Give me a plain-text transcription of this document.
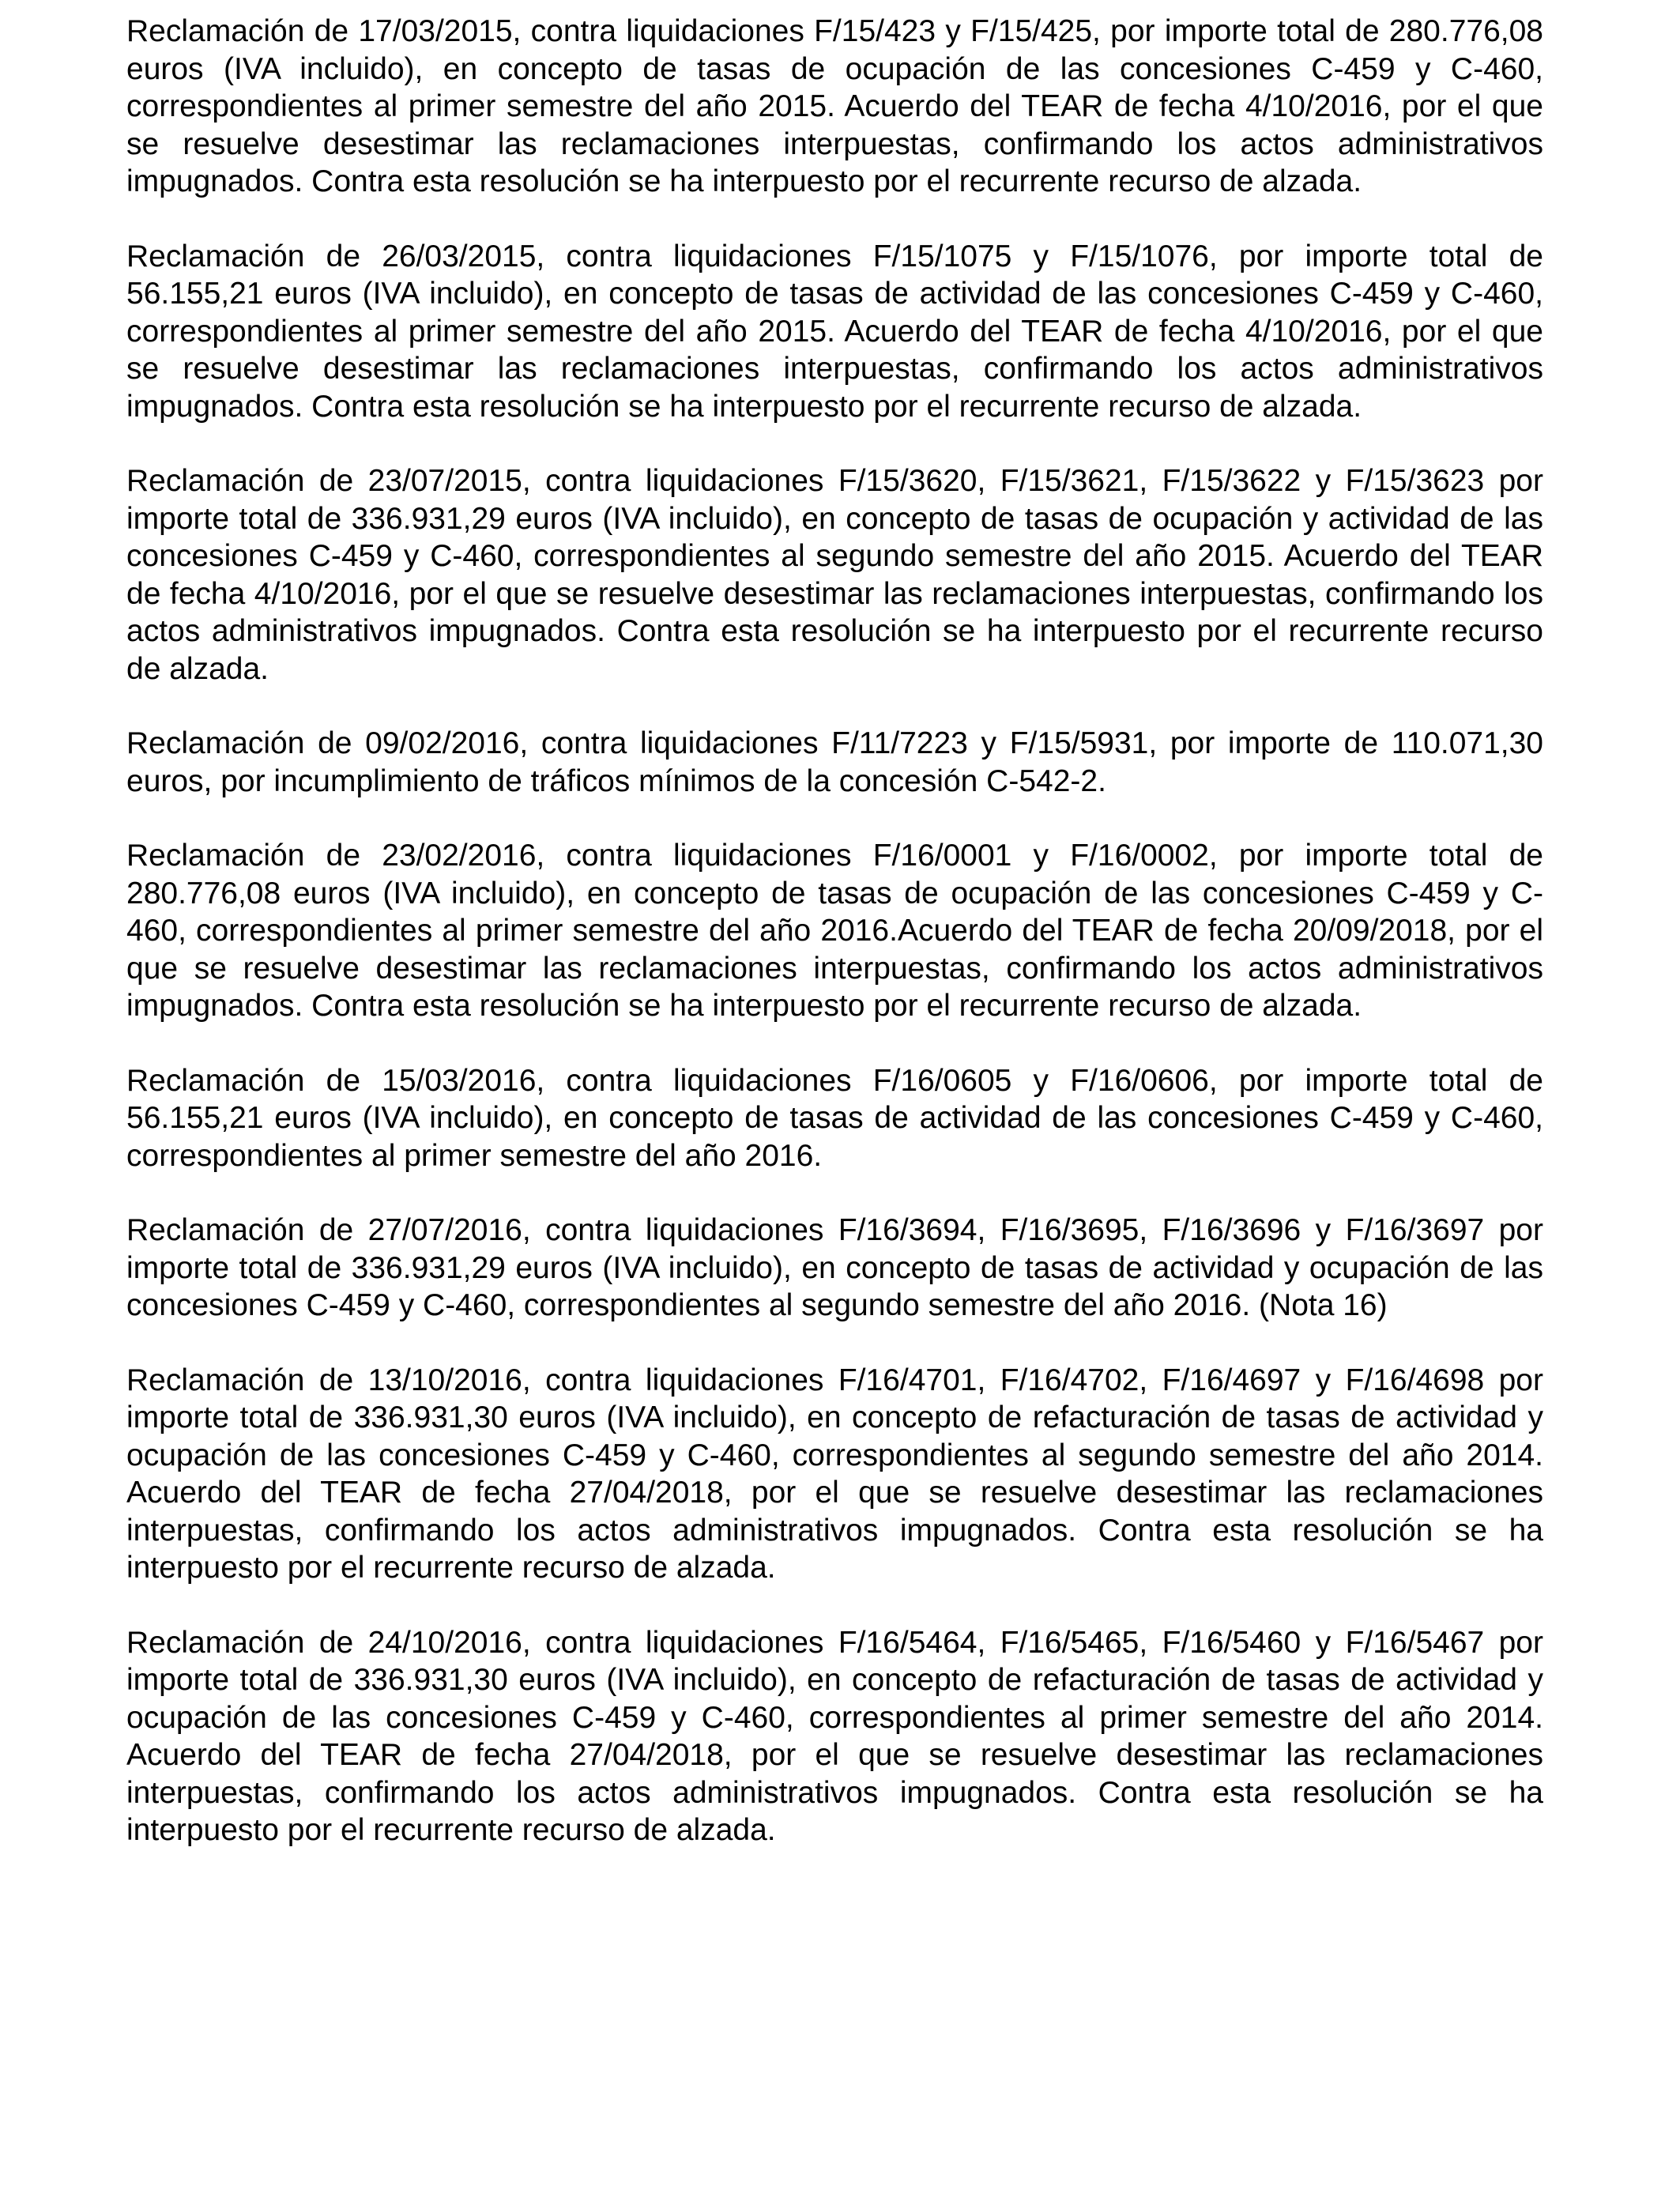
Reclamación de 17/03/2015, contra liquidaciones F/15/423 y F/15/425, por importe total de 280.776,08 euros (IVA incluido), en concepto de tasas de ocupación de las concesiones C-459 y C-460, correspondientes al primer semestre del año 2015. Acuerdo del TEAR de fecha 4/10/2016, por el que se resuelve desestimar las reclamaciones interpuestas, confirmando los actos administrativos impugnados. Contra esta resolución se ha interpuesto por el recurrente recurso de alzada.

Reclamación de 26/03/2015, contra liquidaciones F/15/1075 y F/15/1076, por importe total de 56.155,21 euros (IVA incluido), en concepto de tasas de actividad de las concesiones C-459 y C-460, correspondientes al primer semestre del año 2015. Acuerdo del TEAR de fecha 4/10/2016, por el que se resuelve desestimar las reclamaciones interpuestas, confirmando los actos administrativos impugnados. Contra esta resolución se ha interpuesto por el recurrente recurso de alzada.

Reclamación de 23/07/2015, contra liquidaciones F/15/3620, F/15/3621, F/15/3622 y F/15/3623 por importe total de 336.931,29 euros (IVA incluido), en concepto de tasas de ocupación y actividad de las concesiones C-459 y C-460, correspondientes al segundo semestre del año 2015. Acuerdo del TEAR de fecha 4/10/2016, por el que se resuelve desestimar las reclamaciones interpuestas, confirmando los actos administrativos impugnados. Contra esta resolución se ha interpuesto por el recurrente recurso de alzada.

Reclamación de 09/02/2016, contra liquidaciones F/11/7223 y F/15/5931, por importe de 110.071,30 euros, por incumplimiento de tráficos mínimos de la concesión C-542-2.

Reclamación de 23/02/2016, contra liquidaciones F/16/0001 y F/16/0002, por importe total de 280.776,08 euros (IVA incluido), en concepto de tasas de ocupación de las concesiones C-459 y C-460, correspondientes al primer semestre del año 2016.Acuerdo del TEAR de fecha 20/09/2018, por el que se resuelve desestimar las reclamaciones interpuestas, confirmando los actos administrativos impugnados. Contra esta resolución se ha interpuesto por el recurrente recurso de alzada.

Reclamación de 15/03/2016, contra liquidaciones F/16/0605 y F/16/0606, por importe total de 56.155,21 euros (IVA incluido), en concepto de tasas de actividad de las concesiones C-459 y C-460, correspondientes al primer semestre del año 2016.

Reclamación de 27/07/2016, contra liquidaciones F/16/3694, F/16/3695, F/16/3696 y F/16/3697 por importe total de 336.931,29 euros (IVA incluido), en concepto de tasas de actividad y ocupación de las concesiones C-459 y C-460, correspondientes al segundo semestre del año 2016. (Nota 16)

Reclamación de 13/10/2016, contra liquidaciones F/16/4701, F/16/4702, F/16/4697 y F/16/4698 por importe total de 336.931,30 euros (IVA incluido), en concepto de refacturación de tasas de actividad y ocupación de las concesiones C-459 y C-460, correspondientes al segundo semestre del año 2014. Acuerdo del TEAR de fecha 27/04/2018, por el que se resuelve desestimar las reclamaciones interpuestas, confirmando los actos administrativos impugnados. Contra esta resolución se ha interpuesto por el recurrente recurso de alzada.

Reclamación de 24/10/2016, contra liquidaciones F/16/5464, F/16/5465, F/16/5460 y F/16/5467 por importe total de 336.931,30 euros (IVA incluido), en concepto de refacturación de tasas de actividad y ocupación de las concesiones C-459 y C-460, correspondientes al primer semestre del año 2014. Acuerdo del TEAR de fecha 27/04/2018, por el que se resuelve desestimar las reclamaciones interpuestas, confirmando los actos administrativos impugnados. Contra esta resolución se ha interpuesto por el recurrente recurso de alzada.
